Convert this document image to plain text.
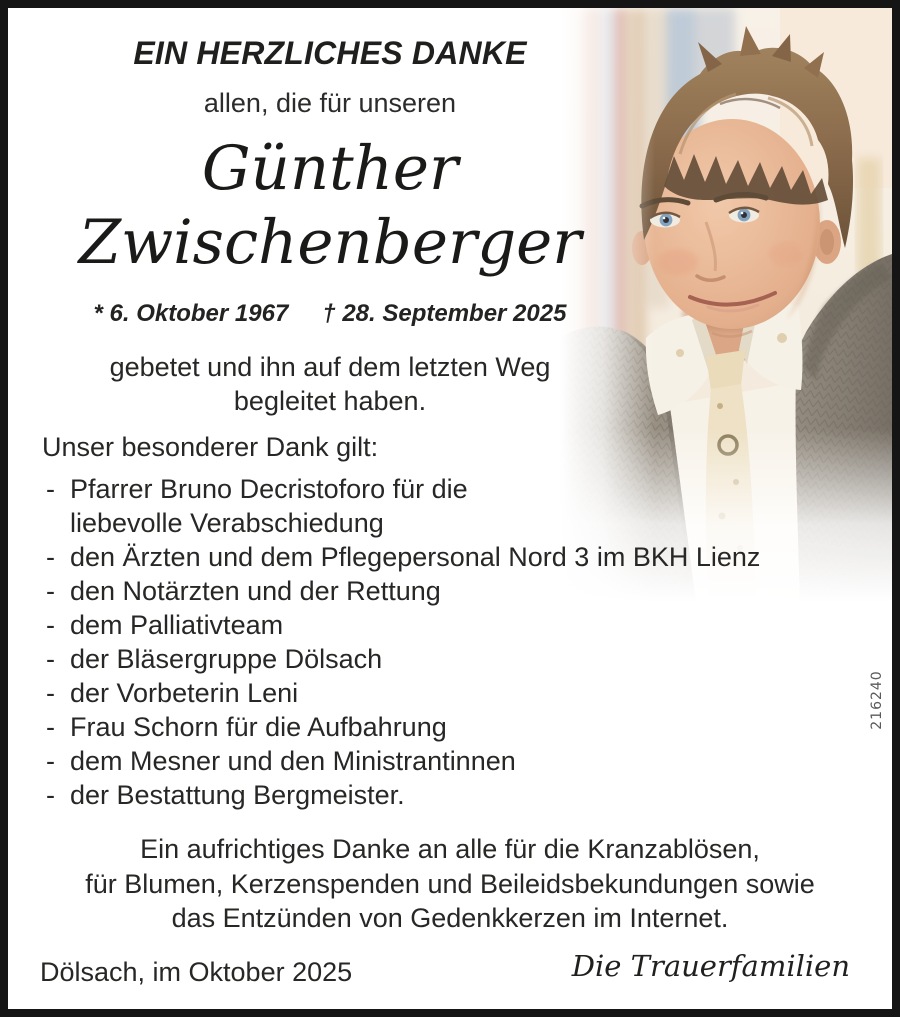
EIN HERZLICHES DANKE
allen, die für unseren
Günther
Zwischenberger
* 6. Oktober 1967 † 28. September 2025
gebetet und ihn auf dem letzten Weg
begleitet haben.
Unser besonderer Dank gilt:
- Pfarrer Bruno Decristoforo für die
liebevolle Verabschiedung
- den Ärzten und dem Pflegepersonal Nord 3 im BKH Lienz
- den Notärzten und der Rettung
- dem Palliativteam
- der Bläsergruppe Dölsach
- der Vorbeterin Leni
- Frau Schorn für die Aufbahrung
- dem Mesner und den Ministrantinnen
- der Bestattung Bergmeister.
Ein aufrichtiges Danke an alle für die Kranzablösen,
für Blumen, Kerzenspenden und Beileidsbekundungen sowie
das Entzünden von Gedenkkerzen im Internet.
Dölsach, im Oktober 2025	Die Trauerfamilien
216240
